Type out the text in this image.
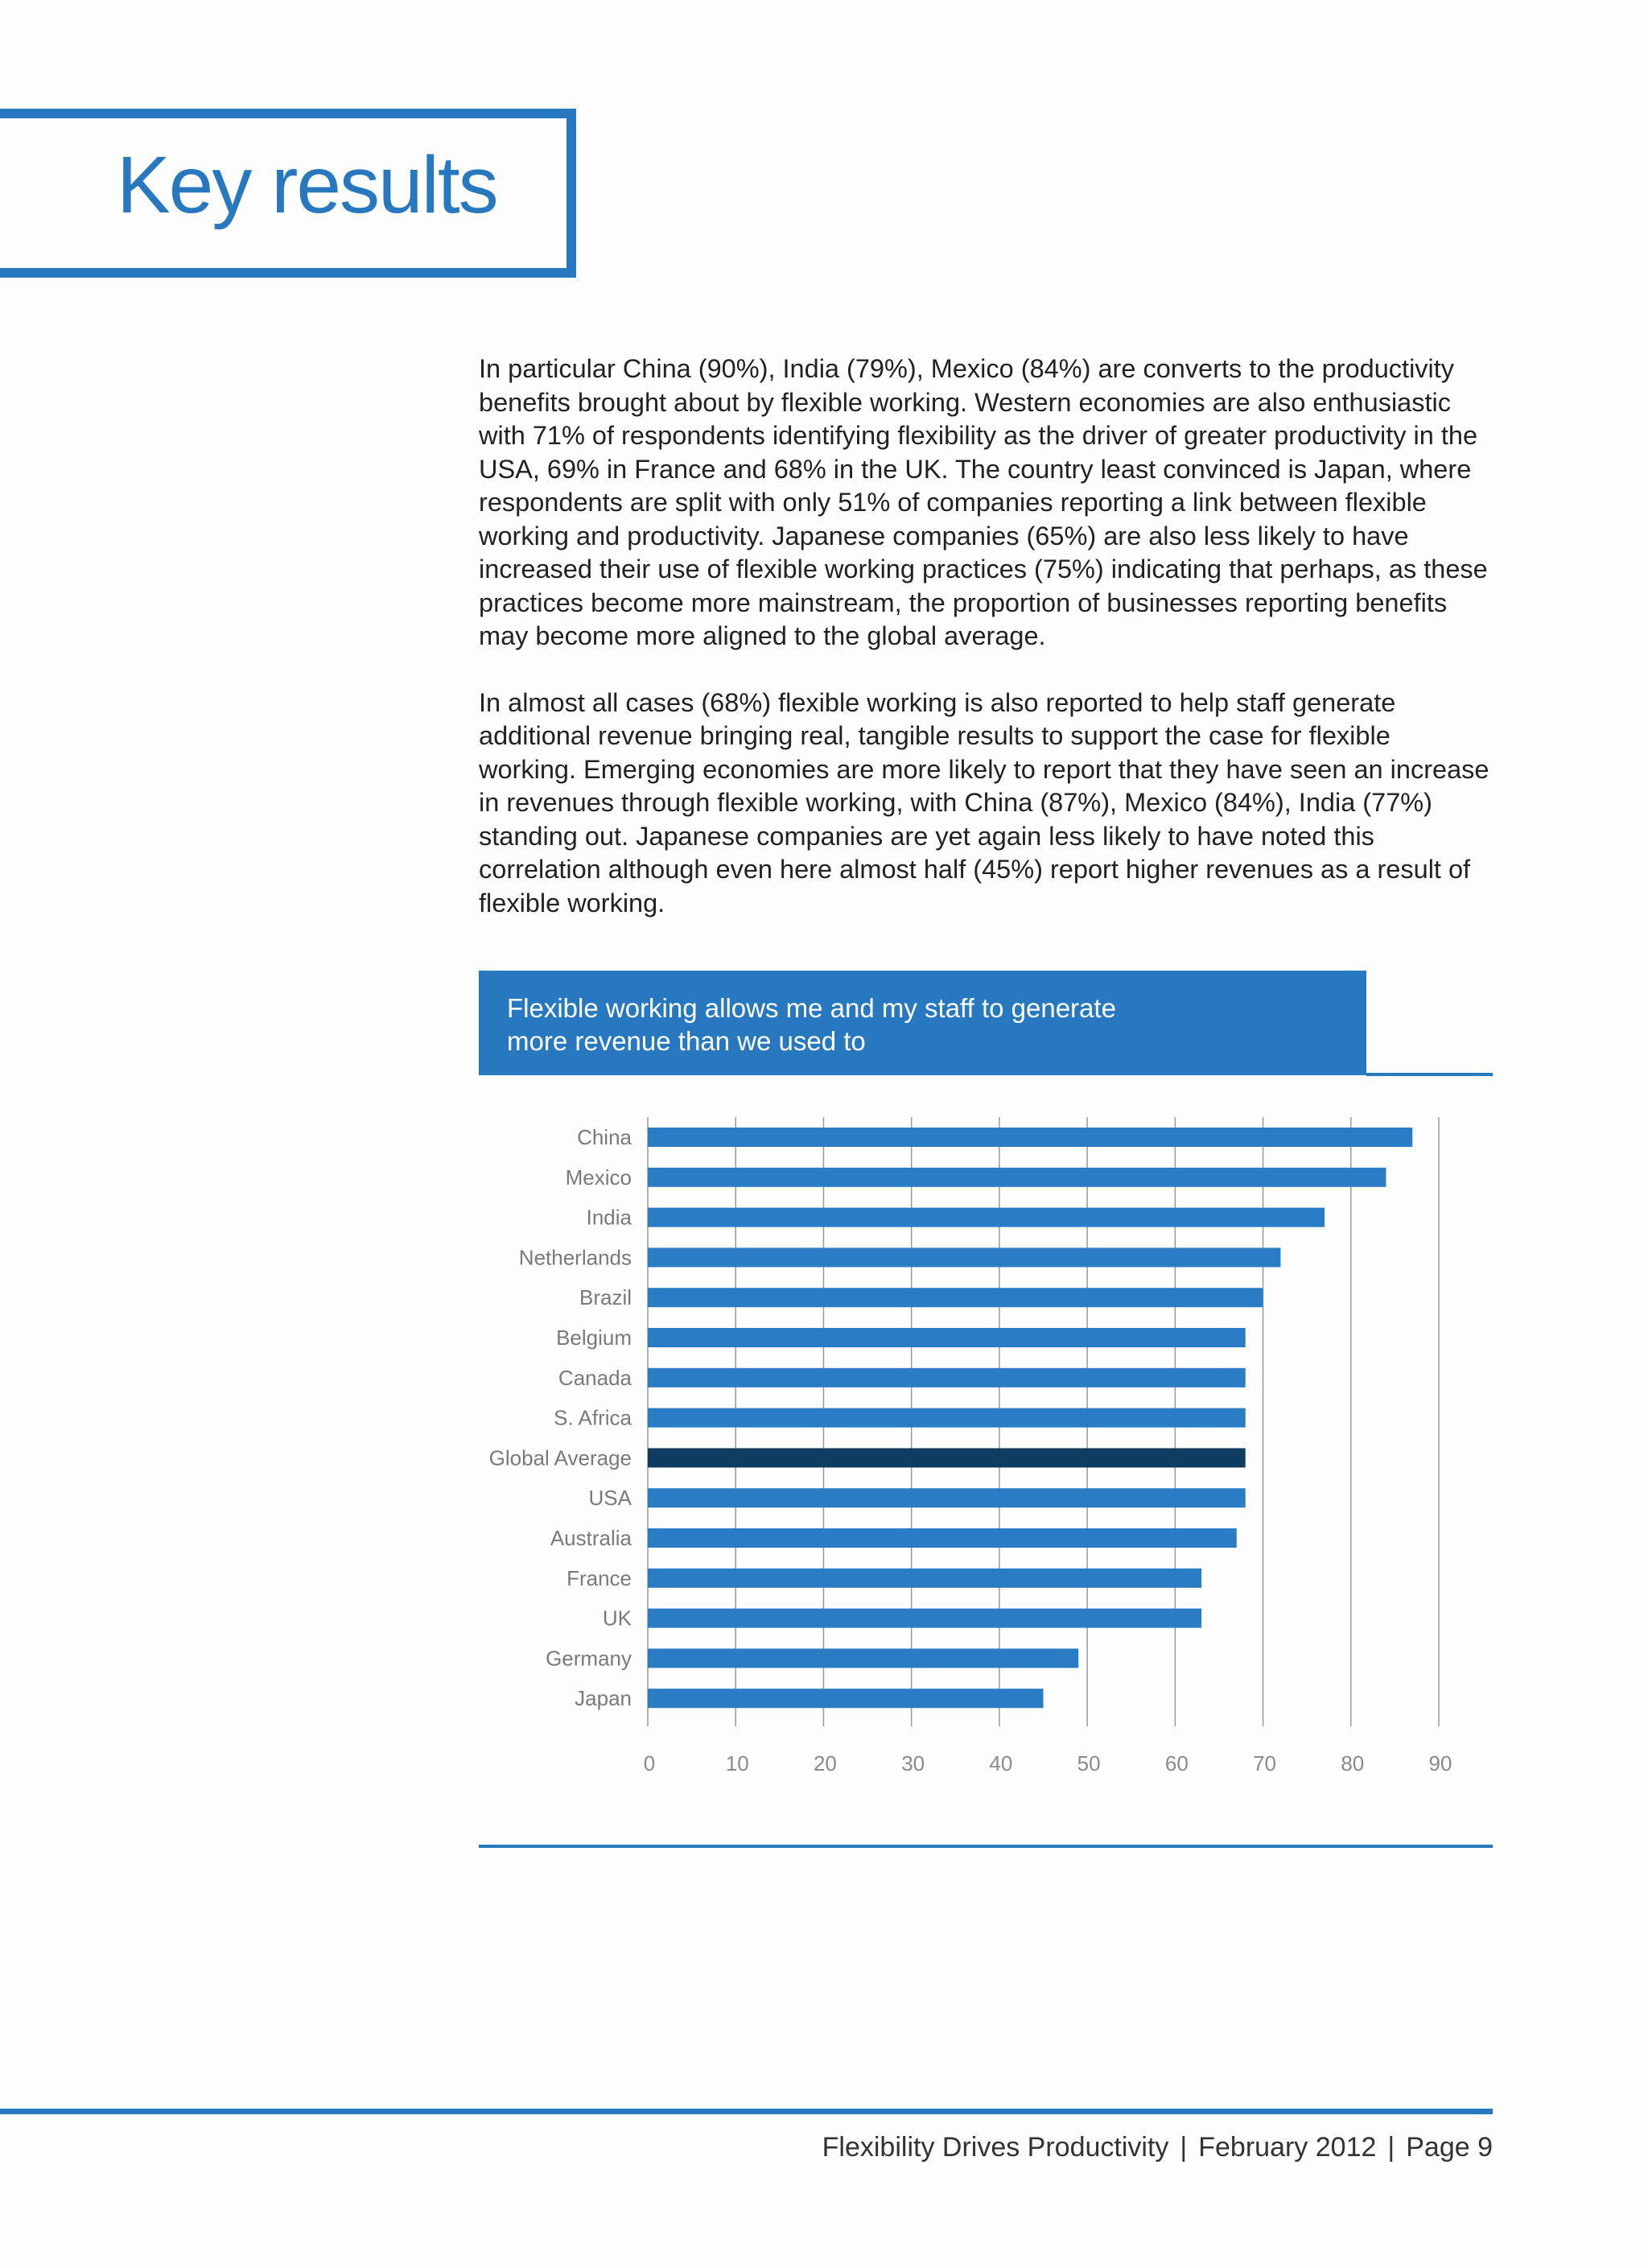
Key results

In particular China (90%), India (79%), Mexico (84%) are converts to the productivity benefits brought about by flexible working. Western economies are also enthusiastic with 71% of respondents identifying flexibility as the driver of greater productivity in the USA, 69% in France and 68% in the UK. The country least convinced is Japan, where respondents are split with only 51% of companies reporting a link between flexible working and productivity. Japanese companies (65%) are also less likely to have increased their use of flexible working practices (75%) indicating that perhaps, as these practices become more mainstream, the proportion of businesses reporting benefits may become more aligned to the global average.

In almost all cases (68%) flexible working is also reported to help staff generate additional revenue bringing real, tangible results to support the case for flexible working. Emerging economies are more likely to report that they have seen an increase in revenues through flexible working, with China (87%), Mexico (84%), India (77%) standing out. Japanese companies are yet again less likely to have noted this correlation although even here almost half (45%) report higher revenues as a result of flexible working.

Flexible working allows me and my staff to generate more revenue than we used to
China
Mexico
India
Netherlands
Brazil
Belgium
Canada
S. Africa
Global Average
USA
Australia
France
UK
Germany
Japan
0	10	20	30	40	50	60	70	80	90
Flexibility Drives Productivity | February 2012 | Page 9
